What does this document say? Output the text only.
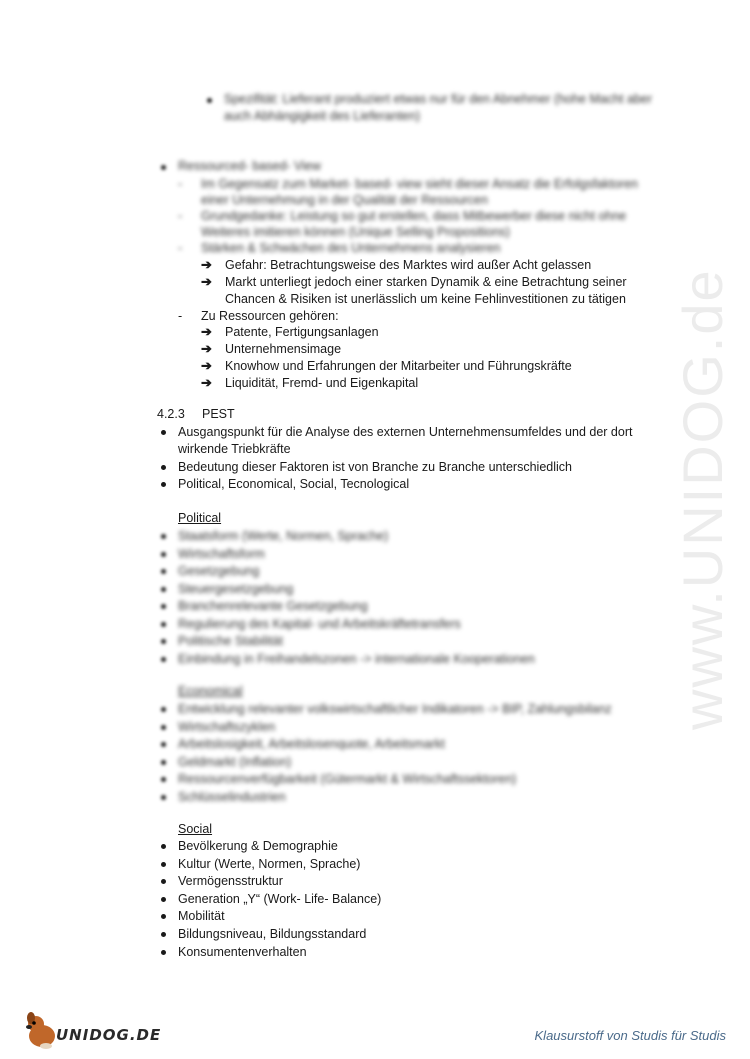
www.UNIDOG.de
Spezifität: Lieferant produziert etwas nur für den Abnehmer (hohe Macht aber
auch Abhängigkeit des Lieferanten)
Ressourced- based- View
- Im Gegensatz zum Market- based- view sieht dieser Ansatz die Erfolgsfaktoren
einer Unternehmung in der Qualität der Ressourcen
- Grundgedanke: Leistung so gut erstellen, dass Mitbewerber diese nicht ohne
Weiteres imitieren können (Unique Selling Propositions)
- Stärken & Schwächen des Unternehmens analysieren
➔ Gefahr: Betrachtungsweise des Marktes wird außer Acht gelassen
➔ Markt unterliegt jedoch einer starken Dynamik & eine Betrachtung seiner
Chancen & Risiken ist unerlässlich um keine Fehlinvestitionen zu tätigen
- Zu Ressourcen gehören:
➔ Patente, Fertigungsanlagen
➔ Unternehmensimage
➔ Knowhow und Erfahrungen der Mitarbeiter und Führungskräfte
➔ Liquidität, Fremd- und Eigenkapital
4.2.3 PEST
Ausgangspunkt für die Analyse des externen Unternehmensumfeldes und der dort
wirkende Triebkräfte
Bedeutung dieser Faktoren ist von Branche zu Branche unterschiedlich
Political, Economical, Social, Tecnological
Political
Staatsform (Werte, Normen, Sprache)
Wirtschaftsform
Gesetzgebung
Steuergesetzgebung
Branchenrelevante Gesetzgebung
Regulierung des Kapital- und Arbeitskräftetransfers
Politische Stabilität
Einbindung in Freihandelszonen -> internationale Kooperationen
Economical
Entwicklung relevanter volkswirtschaftlicher Indikatoren -> BIP, Zahlungsbilanz
Wirtschaftszyklen
Arbeitslosigkeit, Arbeitslosenquote, Arbeitsmarkt
Geldmarkt (Inflation)
Ressourcenverfügbarkeit (Gütermarkt & Wirtschaftssektoren)
Schlüsselindustrien
Social
Bevölkerung & Demographie
Kultur (Werte, Normen, Sprache)
Vermögensstruktur
Generation „Y“ (Work- Life- Balance)
Mobilität
Bildungsniveau, Bildungsstandard
Konsumentenverhalten
UNIDOG.DE	Klausurstoff von Studis für Studis
